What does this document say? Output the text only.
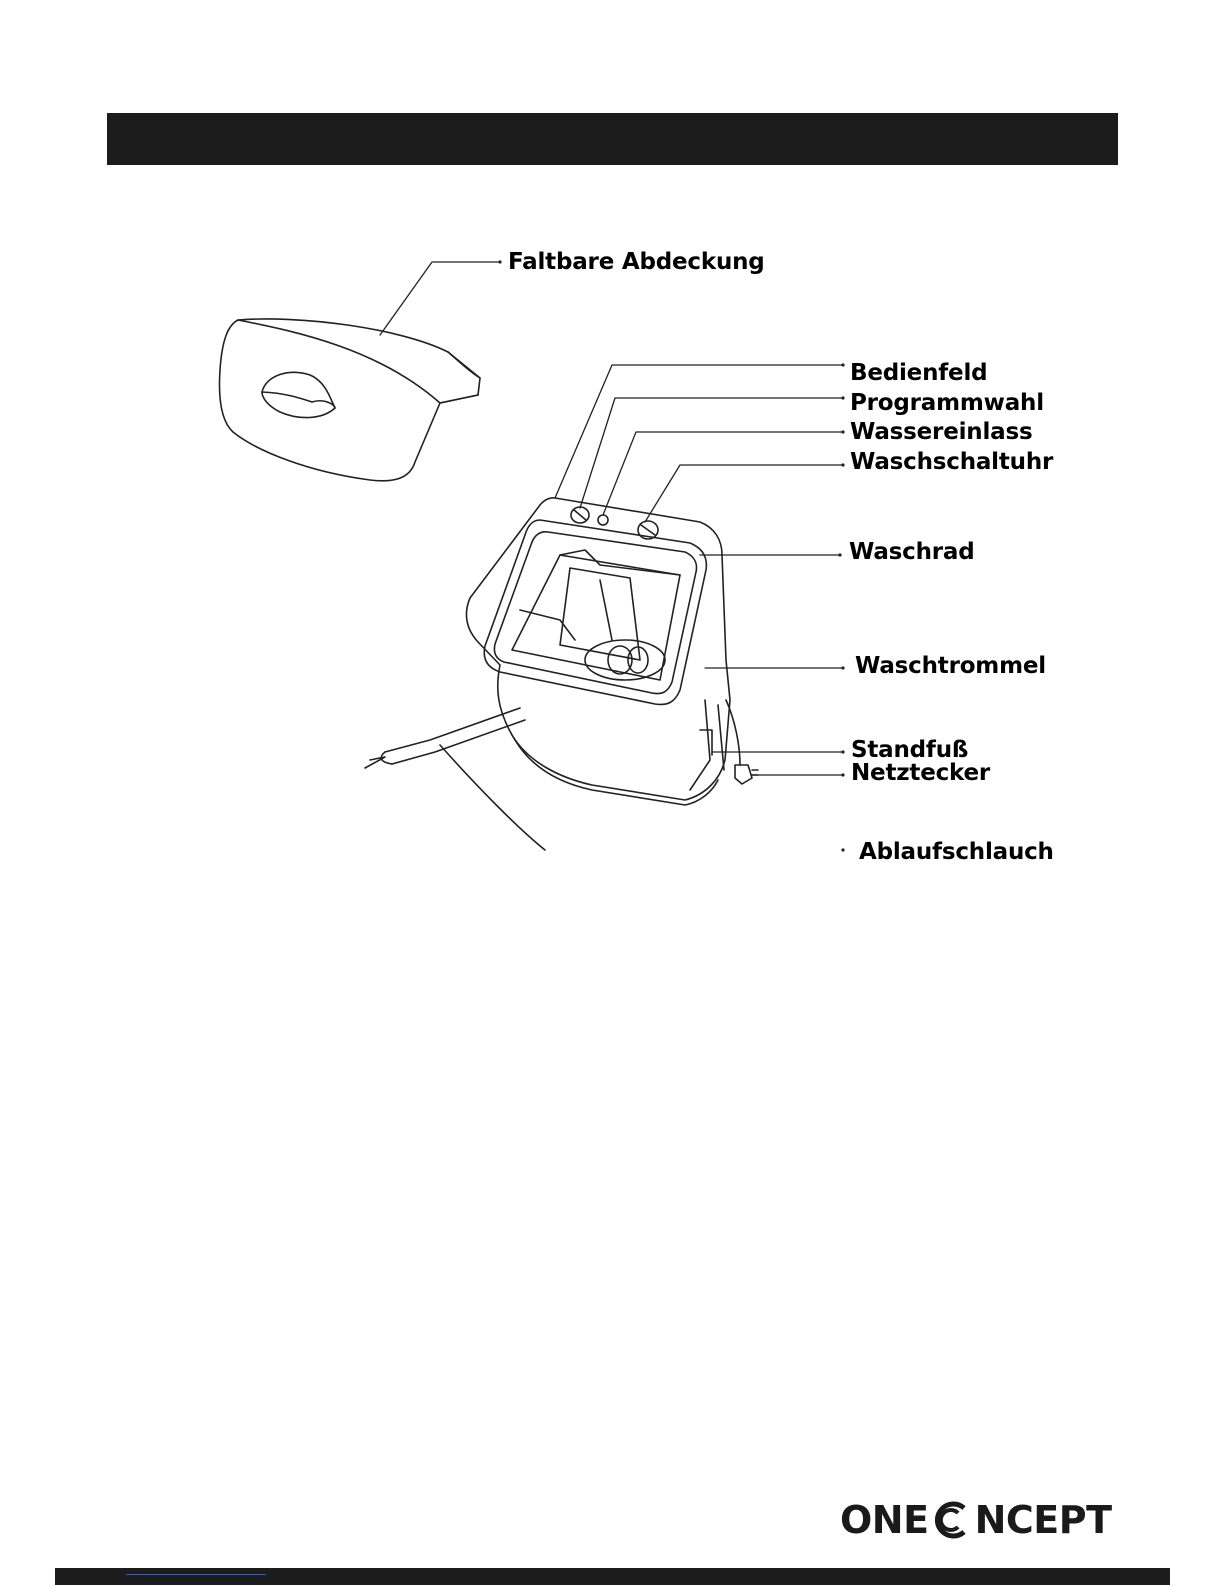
Faltbare Abdeckung
Bedienfeld
Programmwahl
Wassereinlass
Waschschaltuhr
Waschrad
Waschtrommel
Standfuß
Netztecker
Ablaufschlauch
ONE NCEPT
